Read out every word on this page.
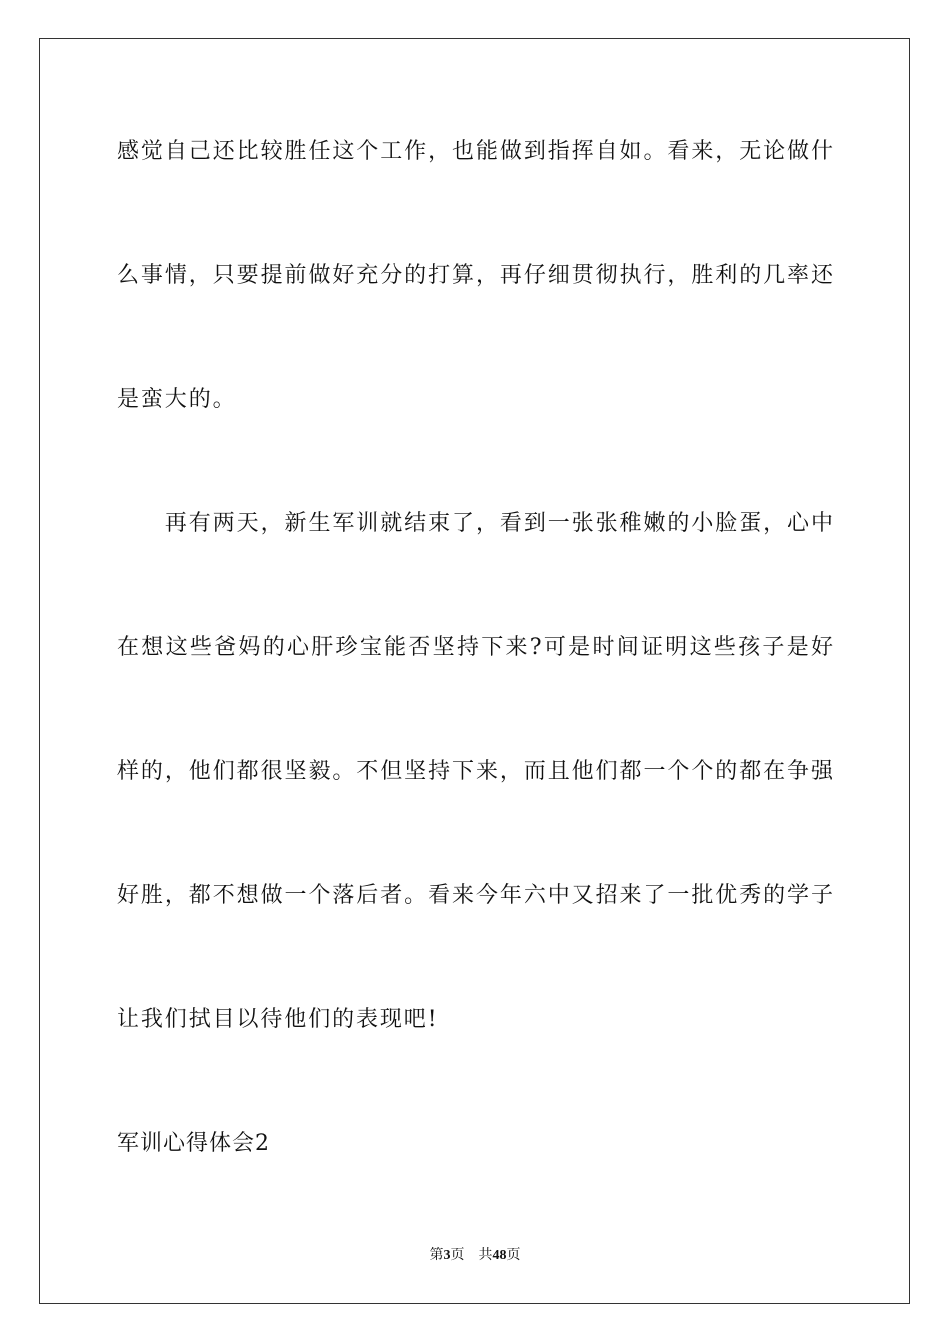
感觉自己还比较胜任这个工作，也能做到指挥自如。看来，无论做什
么事情，只要提前做好充分的打算，再仔细贯彻执行，胜利的几率还
是蛮大的。
　　再有两天，新生军训就结束了，看到一张张稚嫩的小脸蛋，心中
在想这些爸妈的心肝珍宝能否坚持下来?可是时间证明这些孩子是好
样的，他们都很坚毅。不但坚持下来，而且他们都一个个的都在争强
好胜，都不想做一个落后者。看来今年六中又招来了一批优秀的学子
让我们拭目以待他们的表现吧!
军训心得体会2
第3页　共48页
